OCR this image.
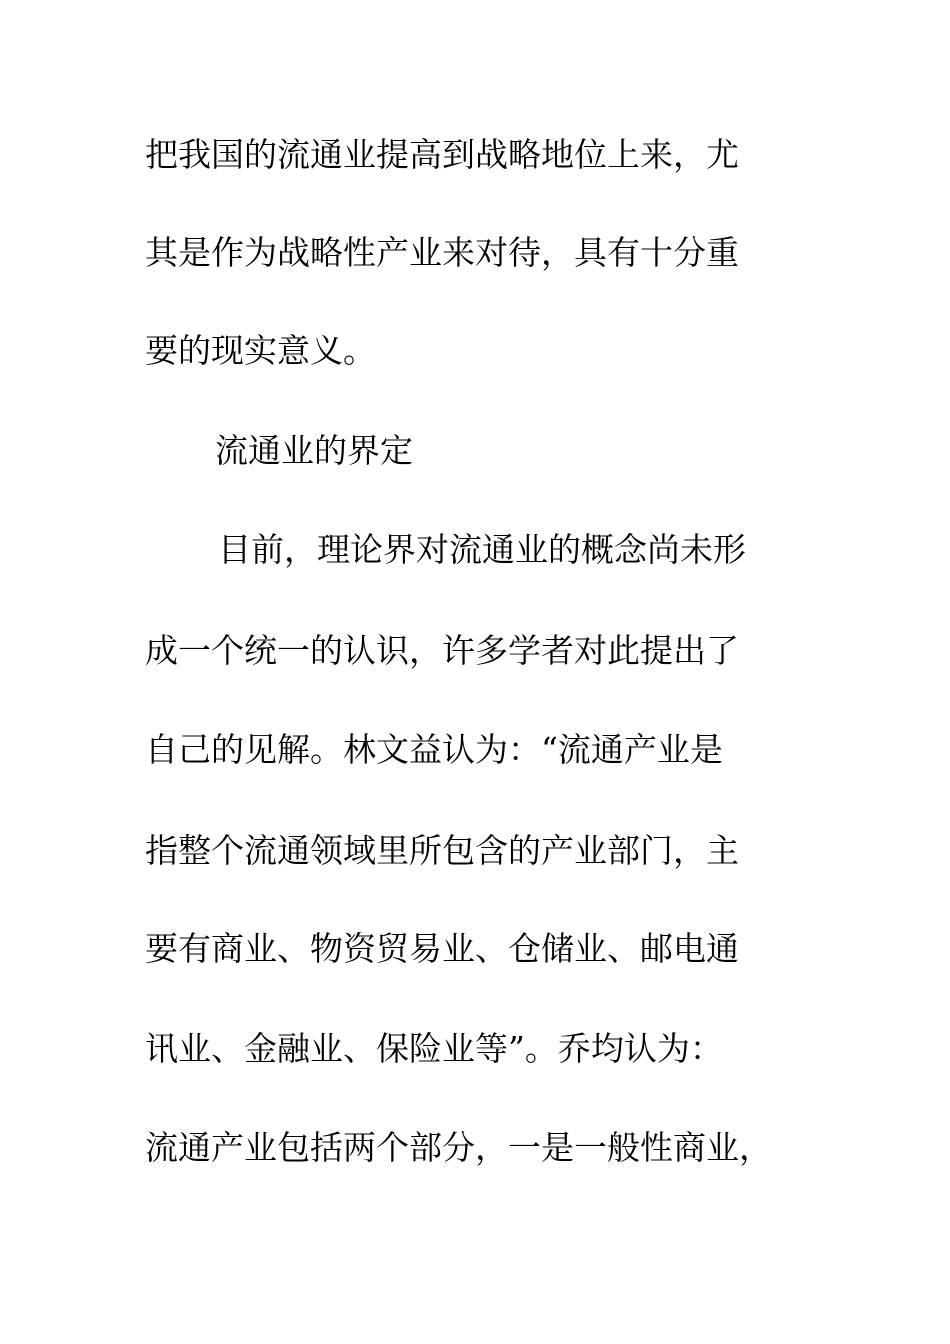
把我国的流通业提高到战略地位上来，尤
其是作为战略性产业来对待，具有十分重
要的现实意义。
流通业的界定
目前，理论界对流通业的概念尚未形
成一个统一的认识，许多学者对此提出了
自己的见解。林文益认为：“流通产业是
指整个流通领域里所包含的产业部门，主
要有商业、物资贸易业、仓储业、邮电通
讯业、金融业、保险业等”。乔均认为：
流通产业包括两个部分，一是一般性商业，
